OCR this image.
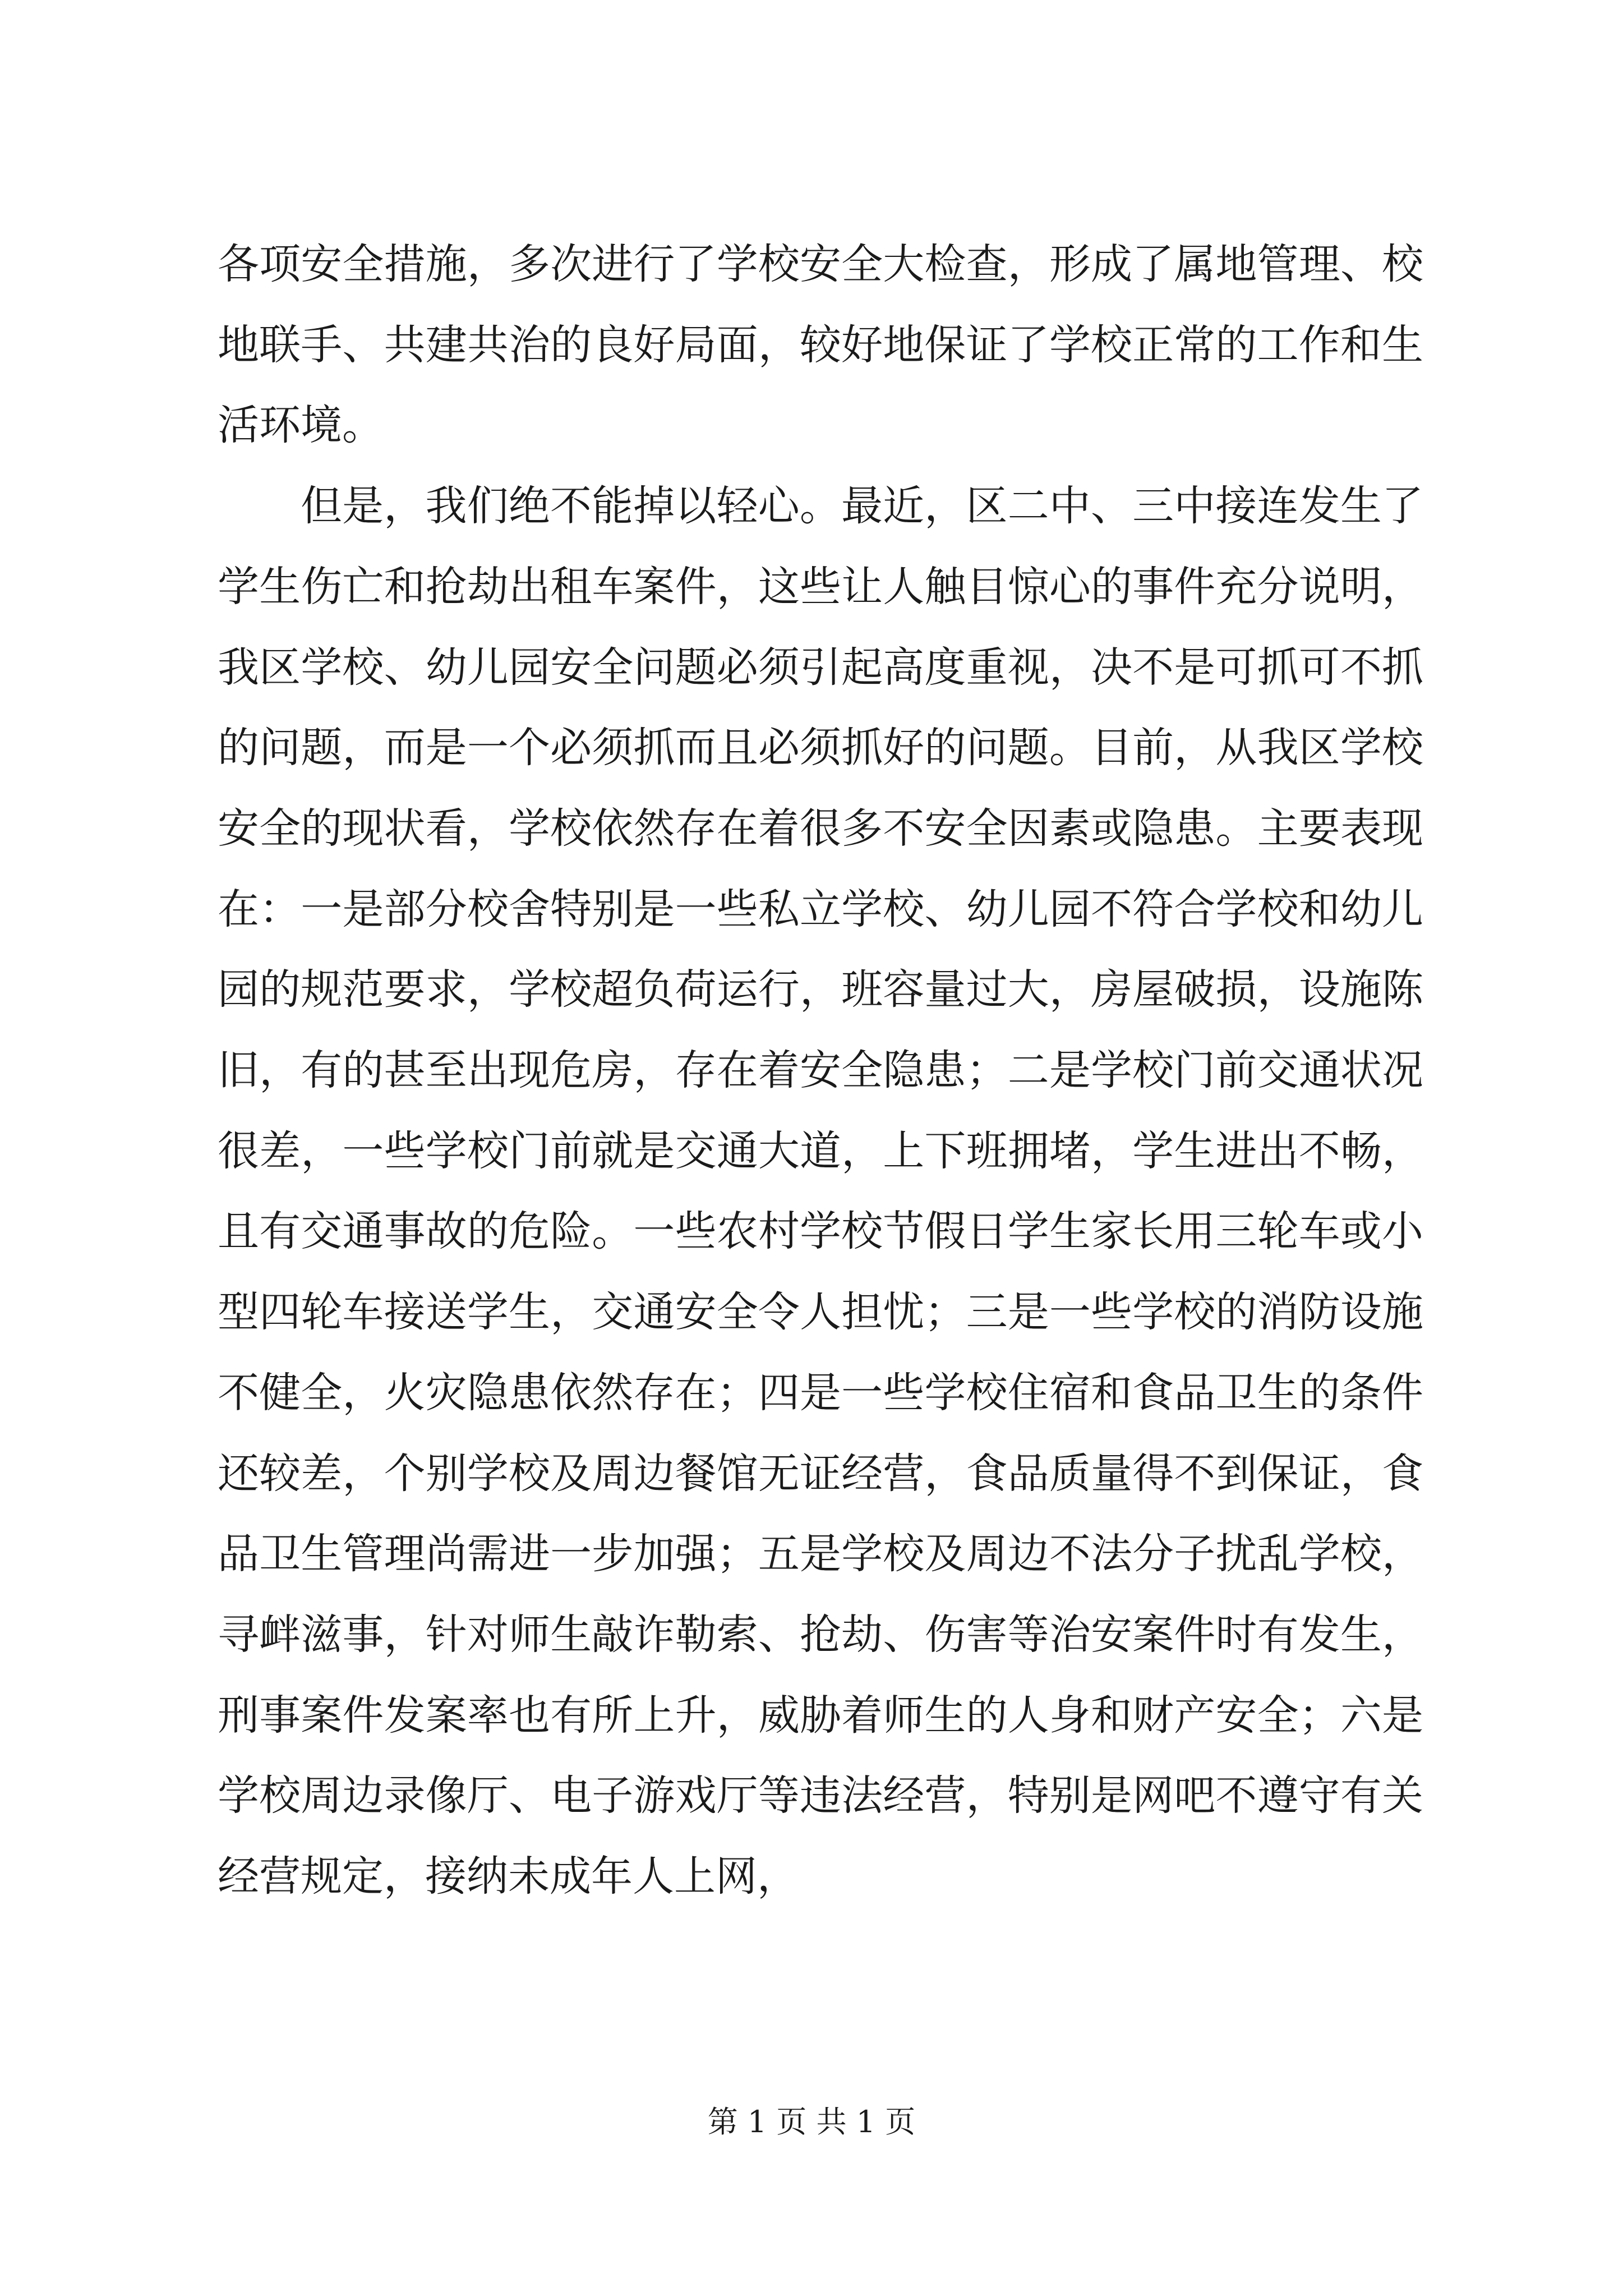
各项安全措施，多次进行了学校安全大检查，形成了属地管理、校地联手、共建共治的良好局面，较好地保证了学校正常的工作和生活环境。

但是，我们绝不能掉以轻心。最近，区二中、三中接连发生了学生伤亡和抢劫出租车案件，这些让人触目惊心的事件充分说明，我区学校、幼儿园安全问题必须引起高度重视，决不是可抓可不抓的问题，而是一个必须抓而且必须抓好的问题。目前，从我区学校安全的现状看，学校依然存在着很多不安全因素或隐患。主要表现在：一是部分校舍特别是一些私立学校、幼儿园不符合学校和幼儿园的规范要求，学校超负荷运行，班容量过大，房屋破损，设施陈旧，有的甚至出现危房，存在着安全隐患；二是学校门前交通状况很差，一些学校门前就是交通大道，上下班拥堵，学生进出不畅，且有交通事故的危险。一些农村学校节假日学生家长用三轮车或小型四轮车接送学生，交通安全令人担忧；三是一些学校的消防设施不健全，火灾隐患依然存在；四是一些学校住宿和食品卫生的条件还较差，个别学校及周边餐馆无证经营，食品质量得不到保证，食品卫生管理尚需进一步加强；五是学校及周边不法分子扰乱学校，寻衅滋事，针对师生敲诈勒索、抢劫、伤害等治安案件时有发生，刑事案件发案率也有所上升，威胁着师生的人身和财产安全；六是学校周边录像厅、电子游戏厅等违法经营，特别是网吧不遵守有关经营规定，接纳未成年人上网，

第 1 页 共 1 页
